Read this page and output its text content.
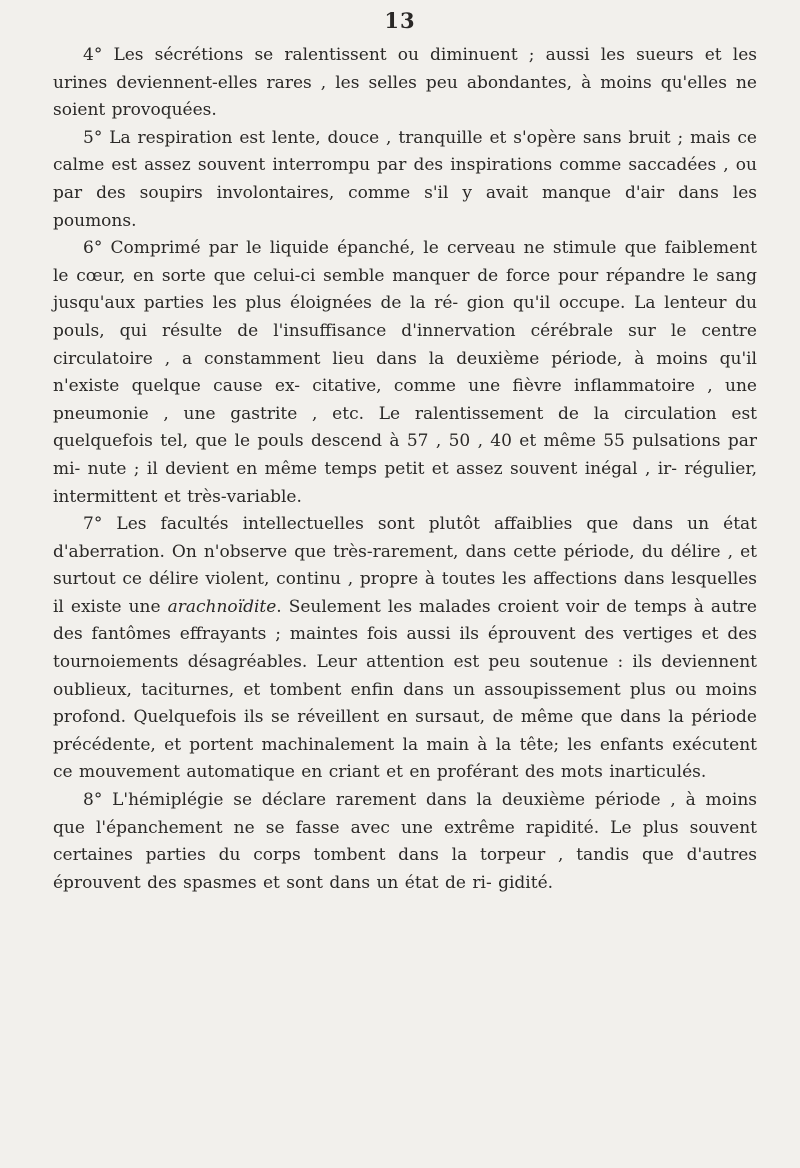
13

4° Les sécrétions se ralentissent ou diminuent ; aussi les sueurs et les urines deviennent-elles rares , les selles peu abondantes, à moins qu'elles ne soient provoquées.

5° La respiration est lente, douce , tranquille et s'opère sans bruit ; mais ce calme est assez souvent interrompu par des inspirations comme saccadées , ou par des soupirs involontaires, comme s'il y avait manque d'air dans les poumons.

6° Comprimé par le liquide épanché, le cerveau ne stimule que faiblement le cœur, en sorte que celui-ci semble manquer de force pour répandre le sang jusqu'aux parties les plus éloignées de la ré- gion qu'il occupe. La lenteur du pouls, qui résulte de l'insuffisance d'innervation cérébrale sur le centre circulatoire , a constamment lieu dans la deuxième période, à moins qu'il n'existe quelque cause ex- citative, comme une fièvre inflammatoire , une pneumonie , une gastrite , etc. Le ralentissement de la circulation est quelquefois tel, que le pouls descend à 57 , 50 , 40 et même 55 pulsations par mi- nute ; il devient en même temps petit et assez souvent inégal , ir- régulier, intermittent et très-variable.

7° Les facultés intellectuelles sont plutôt affaiblies que dans un état d'aberration. On n'observe que très-rarement, dans cette période, du délire , et surtout ce délire violent, continu , propre à toutes les affections dans lesquelles il existe une arachnoïdite. Seulement les malades croient voir de temps à autre des fantômes effrayants ; maintes fois aussi ils éprouvent des vertiges et des tournoiements désagréables. Leur attention est peu soutenue : ils deviennent oublieux, taciturnes, et tombent enfin dans un assoupissement plus ou moins profond. Quelquefois ils se réveillent en sursaut, de même que dans la période précédente, et portent machinalement la main à la tête; les enfants exécutent ce mouvement automatique en criant et en proférant des mots inarticulés.

8° L'hémiplégie se déclare rarement dans la deuxième période , à moins que l'épanchement ne se fasse avec une extrême rapidité. Le plus souvent certaines parties du corps tombent dans la torpeur , tandis que d'autres éprouvent des spasmes et sont dans un état de ri- gidité.
